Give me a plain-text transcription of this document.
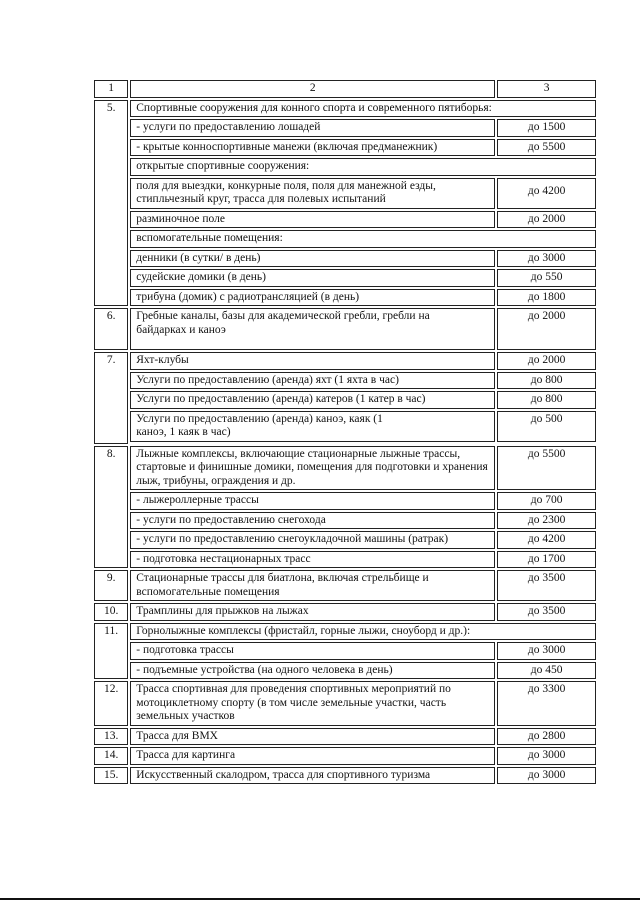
1	2	3
5.	Спортивные сооружения для конного спорта и современного пятиборья:	
	- услуги по предоставлению лошадей	до 1500
	- крытые конноспортивные манежи (включая предманежник)	до 5500
	открытые спортивные сооружения:	
	поля для выездки, конкурные поля, поля для манежной езды, стипльчезный круг, трасса для полевых испытаний	до 4200
	разминочное поле	до 2000
	вспомогательные помещения:	
	денники (в сутки/ в день)	до 3000
	судейские домики (в день)	до 550
	трибуна (домик) с радиотрансляцией (в день)	до 1800
6.	Гребные каналы, базы для академической гребли, гребли на байдарках и каноэ	до 2000
7.	Яхт-клубы	до 2000
	Услуги по предоставлению (аренда) яхт (1 яхта в час)	до 800
	Услуги по предоставлению (аренда) катеров (1 катер в час)	до 800
	Услуги по предоставлению (аренда) каноэ, каяк (1 каноэ, 1 каяк в час)	до 500

8.	Лыжные комплексы, включающие стационарные лыжные трассы, стартовые и финишные домики, помещения для подготовки и хранения лыж, трибуны, ограждения и др.	до 5500
	- лыжероллерные трассы	до 700
	- услуги по предоставлению снегохода	до 2300
	- услуги по предоставлению снегоукладочной машины (ратрак)	до 4200
	- подготовка нестационарных трасс	до 1700
9.	Стационарные трассы для биатлона, включая стрельбище и вспомогательные помещения	до 3500
10.	Трамплины для прыжков на лыжах	до 3500
11.	Горнолыжные комплексы (фристайл, горные лыжи, сноуборд и др.):	
	- подготовка трассы	до 3000
	- подъемные устройства (на одного человека в день)	до 450
12.	Трасса спортивная для проведения спортивных мероприятий по мотоциклетному спорту (в том числе земельные участки, часть земельных участков	до 3300
13.	Трасса для ВМХ	до 2800
14.	Трасса для картинга	до 3000
15.	Искусственный скалодром, трасса для спортивного туризма	до 3000
